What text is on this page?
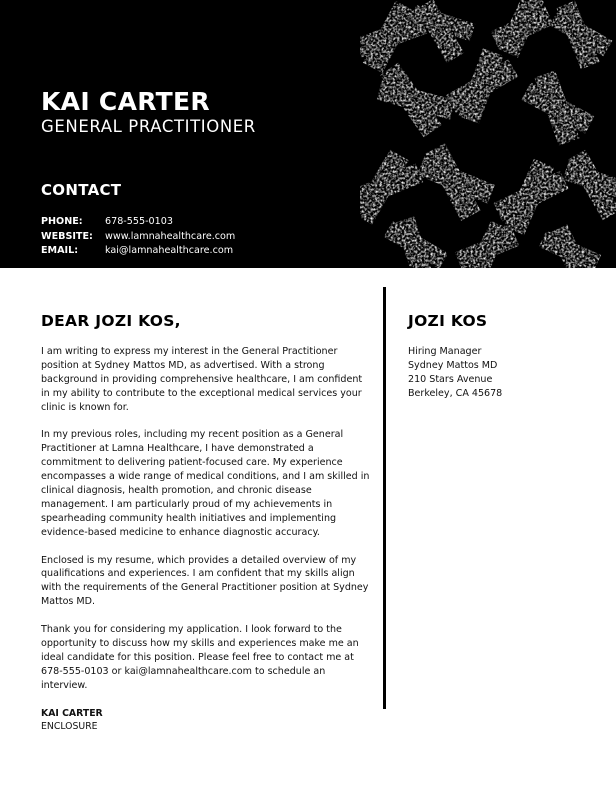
KAI CARTER
GENERAL PRACTITIONER
CONTACT
PHONE: 678-555-0103
WEBSITE: www.lamnahealthcare.com
EMAIL:	kai@lamnahealthcare.com
DEAR JOZI KOS,

I am writing to express my interest in the General Practitioner position at Sydney Mattos MD, as advertised. With a strong background in providing comprehensive healthcare, I am confident in my ability to contribute to the exceptional medical services your clinic is known for.

In my previous roles, including my recent position as a General Practitioner at Lamna Healthcare, I have demonstrated a commitment to delivering patient-focused care. My experience encompasses a wide range of medical conditions, and I am skilled in clinical diagnosis, health promotion, and chronic disease management. I am particularly proud of my achievements in spearheading community health initiatives and implementing evidence-based medicine to enhance diagnostic accuracy.

Enclosed is my resume, which provides a detailed overview of my qualifications and experiences. I am confident that my skills align with the requirements of the General Practitioner position at Sydney Mattos MD.

Thank you for considering my application. I look forward to the opportunity to discuss how my skills and experiences make me an ideal candidate for this position. Please feel free to contact me at 678-555-0103 or kai@lamnahealthcare.com to schedule an interview.

KAI CARTER
ENCLOSURE
JOZI KOS
Hiring Manager
Sydney Mattos MD
210 Stars Avenue
Berkeley, CA 45678
